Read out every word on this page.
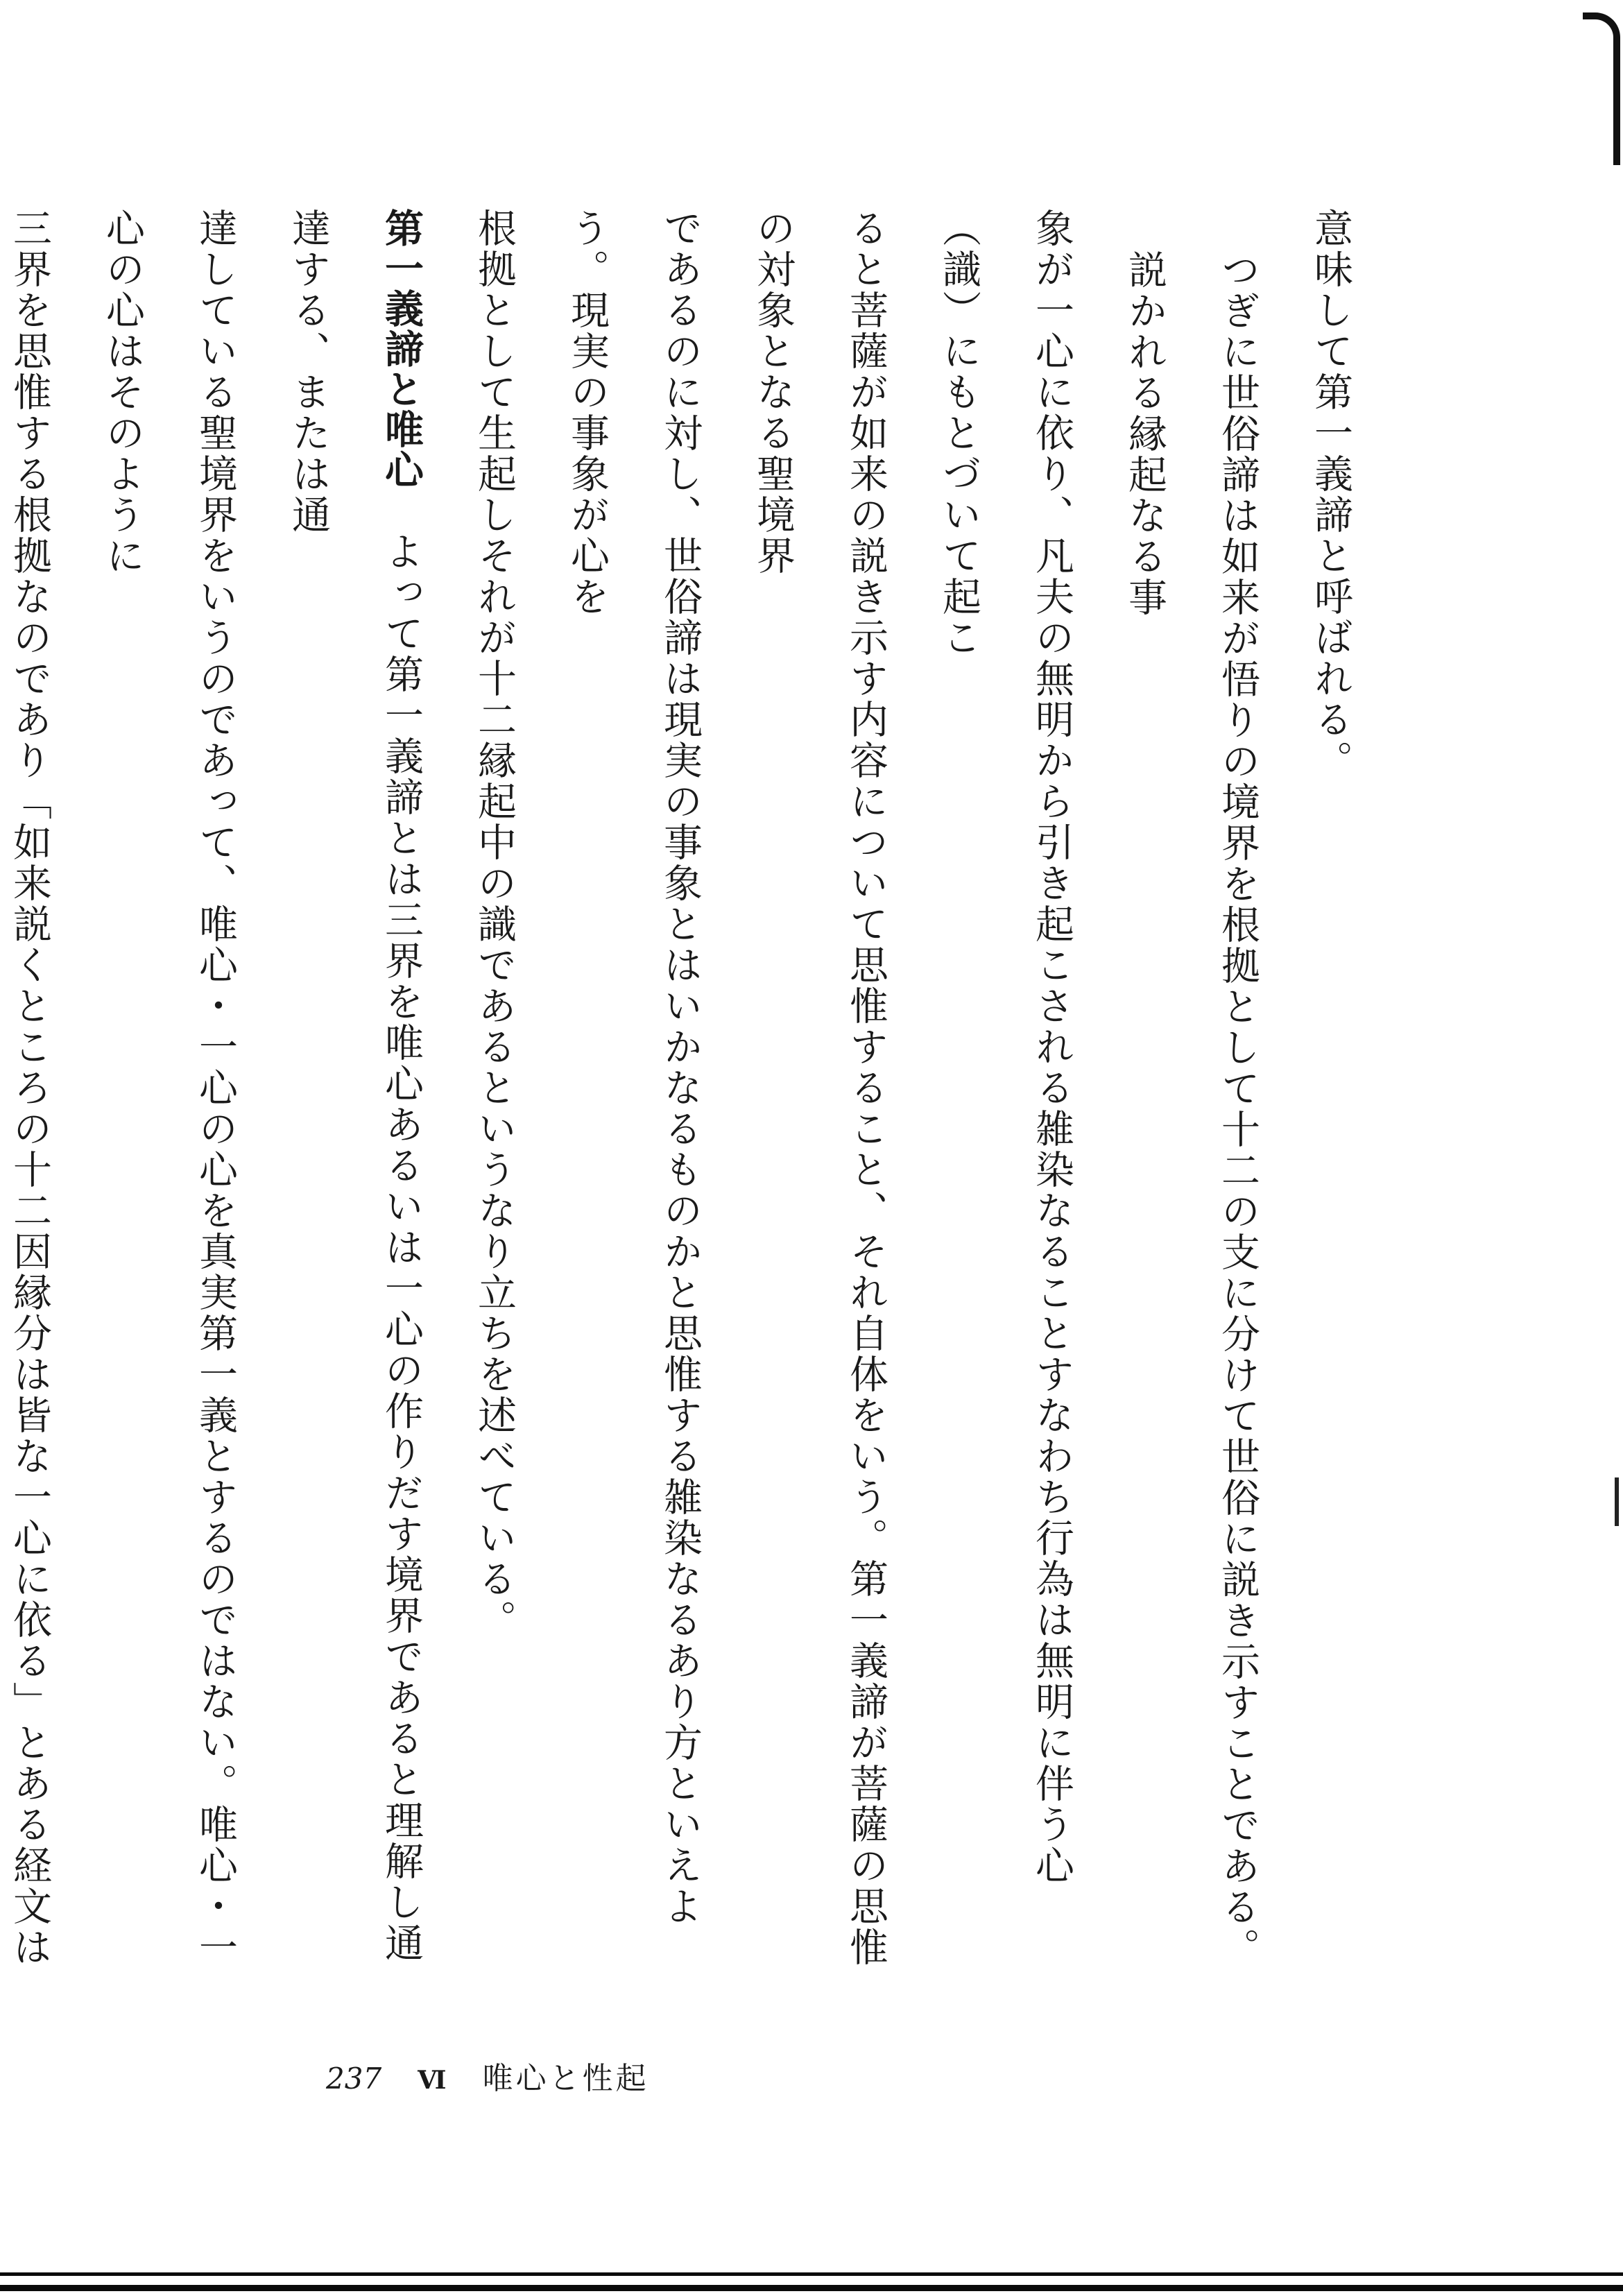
意味して第一義諦と呼ばれる。

つぎに世俗諦は如来が悟りの境界を根拠として十二の支に分けて世俗に説き示すことである。説かれる縁起なる事

象が一心に依り、凡夫の無明から引き起こされる雑染なることすなわち行為は無明に伴う心（識）にもとづいて起こ

ると菩薩が如来の説き示す内容について思惟すること、それ自体をいう。第一義諦が菩薩の思惟の対象となる聖境界

であるのに対し、世俗諦は現実の事象とはいかなるものかと思惟する雑染なるあり方といえよう。現実の事象が心を

根拠として生起しそれが十二縁起中の識であるというなり立ちを述べている。

第一義諦と唯心よって第一義諦とは三界を唯心あるいは一心の作りだす境界であると理解し通達する、または通

達している聖境界をいうのであって、唯心・一心の心を真実第一義とするのではない。唯心・一心の心はそのように

三界を思惟する根拠なのであり「如来説くところの十二因縁分は皆な一心に依る」とある経文は

237 Ⅵ 唯心と性起
